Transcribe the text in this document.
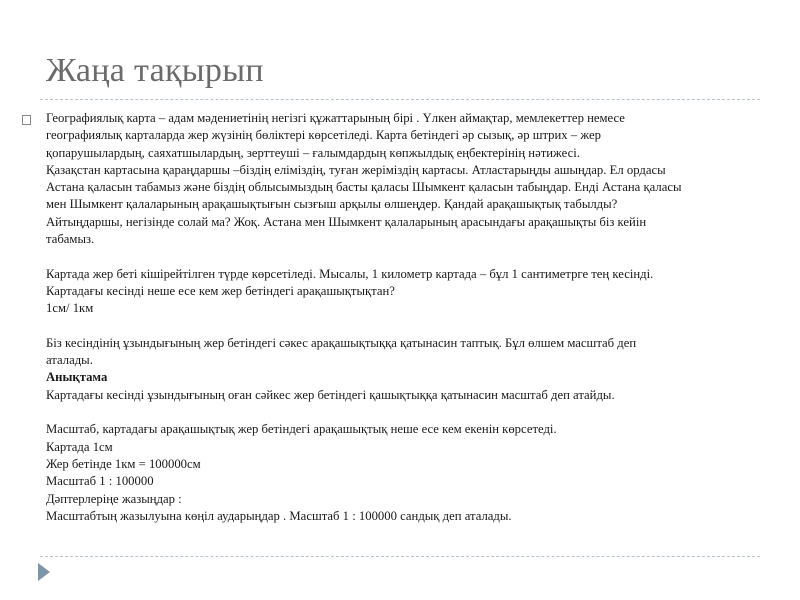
Жаңа тақырып
Географиялық карта – адам мәдениетінің негізгі құжаттарының бірі . Үлкен аймақтар, мемлекеттер немесе
географиялық карталарда жер жүзінің бөліктері көрсетіледі. Карта бетіндегі әр сызық, әр штрих – жер
қопарушылардың, саяхатшылардың, зерттеуші – ғалымдардың көпжылдық еңбектерінің нәтижесі.
Қазақстан картасына қараңдаршы –біздің еліміздің, туған жеріміздің картасы. Атластарыңды ашыңдар. Ел ордасы
Астана қаласын табамыз және біздің облысымыздың басты қаласы Шымкент қаласын табыңдар. Енді Астана қаласы
мен Шымкент қалаларының арақашықтығын сызғыш арқылы өлшеңдер. Қандай арақашықтық табылды?
Айтыңдаршы, негізінде солай ма? Жоқ. Астана мен Шымкент қалаларының арасындағы арақашықты біз кейін
табамыз.
Картада жер беті кішірейтілген түрде көрсетіледі. Мысалы, 1 километр картада – бұл 1 сантиметрге тең кесінді.
Картадағы кесінді неше есе кем жер бетіндегі арақашықтықтан?
1см/ 1км
Біз кесіндінің ұзындығының жер бетіндегі сәкес арақашықтыққа қатынасин таптық. Бұл өлшем масштаб деп
аталады.
Анықтама
Картадағы кесінді ұзындығының оған сәйкес жер бетіндегі қашықтыққа қатынасин масштаб деп атайды.
Масштаб, картадағы арақашықтық жер бетіндегі арақашықтық неше есе кем екенін көрсетеді.
Картада 1см
Жер бетінде 1км = 100000см
Масштаб 1 : 100000
Дәптерлеріңе жазыңдар :
Масштабтың жазылуына көңіл аударыңдар . Масштаб 1 : 100000 сандық деп аталады.
